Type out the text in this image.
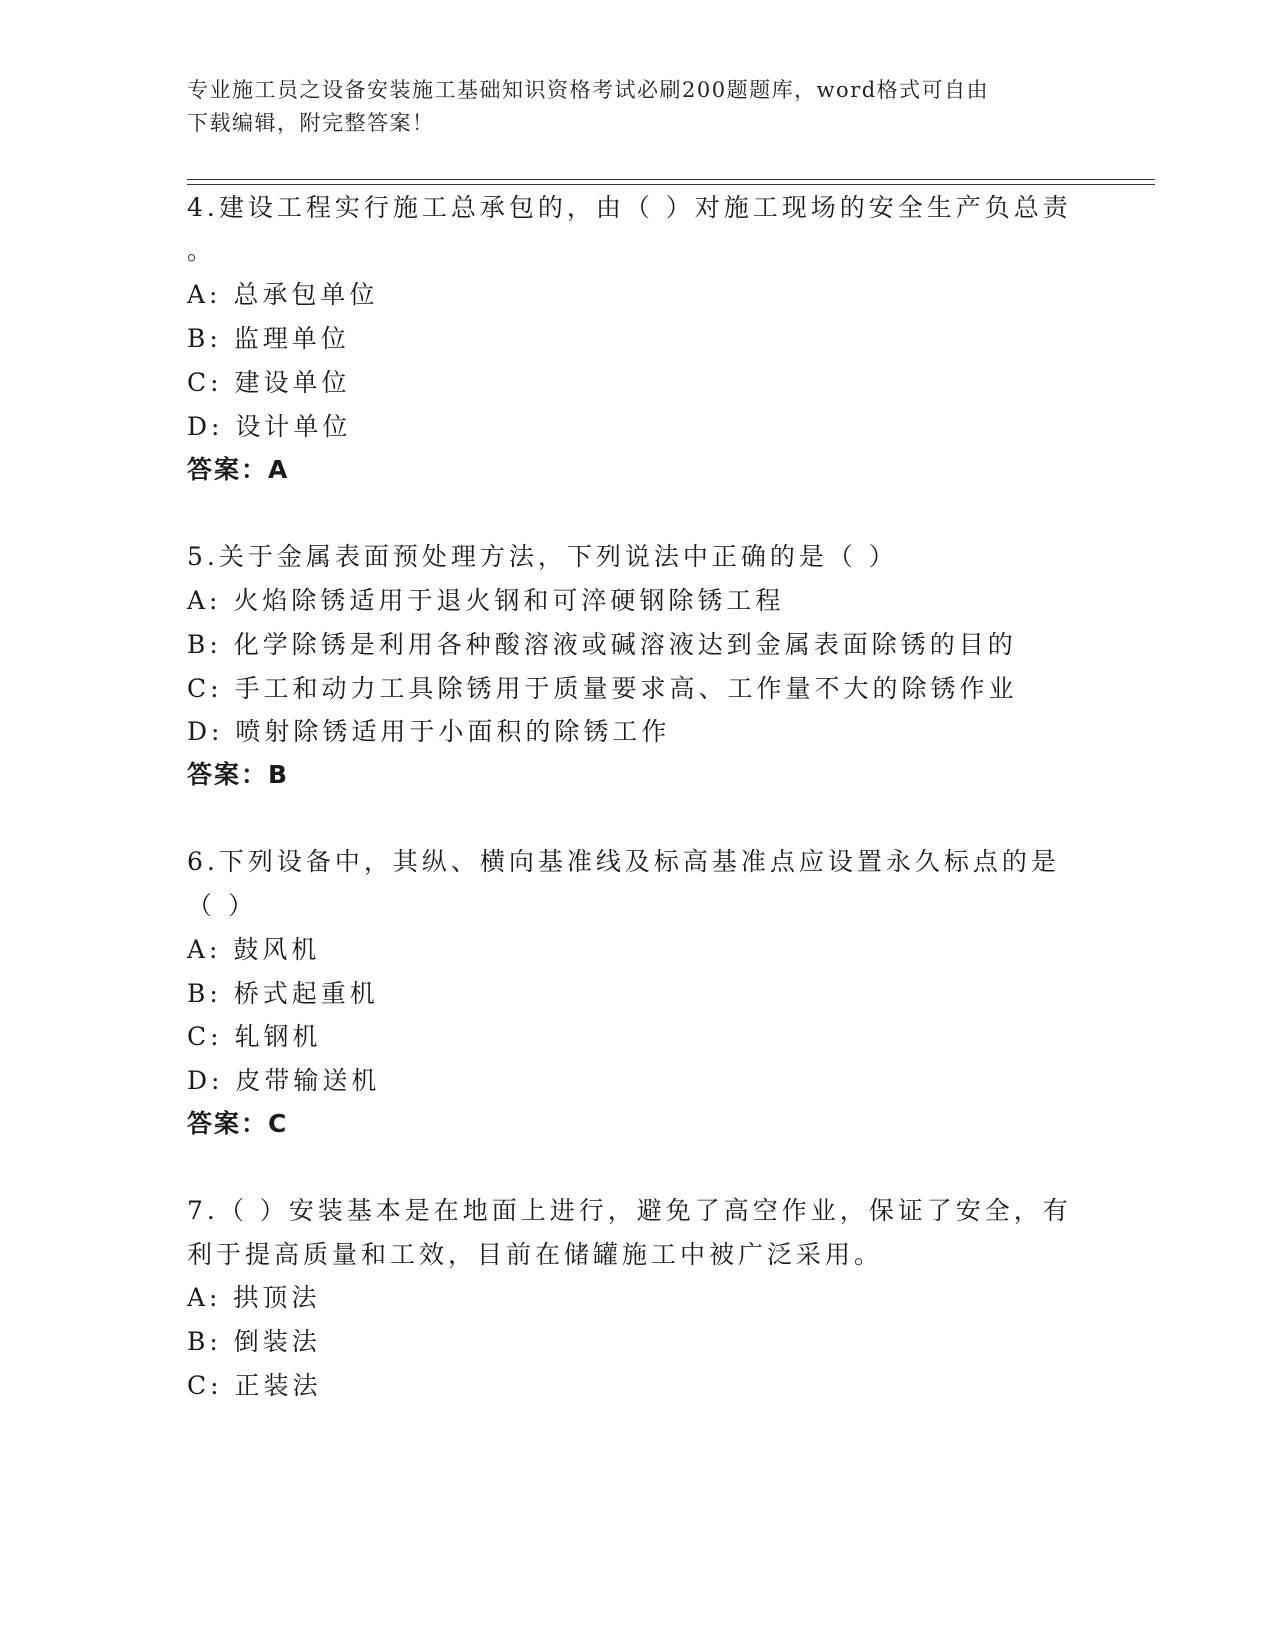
专业施工员之设备安装施工基础知识资格考试必刷200题题库，word格式可自由
下载编辑，附完整答案！
4.建设工程实行施工总承包的，由（ ）对施工现场的安全生产负总责
。
A: 总承包单位
B: 监理单位
C: 建设单位
D: 设计单位
答案：A
5.关于金属表面预处理方法，下列说法中正确的是（ ）
A: 火焰除锈适用于退火钢和可淬硬钢除锈工程
B: 化学除锈是利用各种酸溶液或碱溶液达到金属表面除锈的目的
C: 手工和动力工具除锈用于质量要求高、工作量不大的除锈作业
D: 喷射除锈适用于小面积的除锈工作
答案：B
6.下列设备中，其纵、横向基准线及标高基准点应设置永久标点的是
（ ）
A: 鼓风机
B: 桥式起重机
C: 轧钢机
D: 皮带输送机
答案：C
7.（ ）安装基本是在地面上进行，避免了高空作业，保证了安全，有
利于提高质量和工效，目前在储罐施工中被广泛采用。
A: 拱顶法
B: 倒装法
C: 正装法
